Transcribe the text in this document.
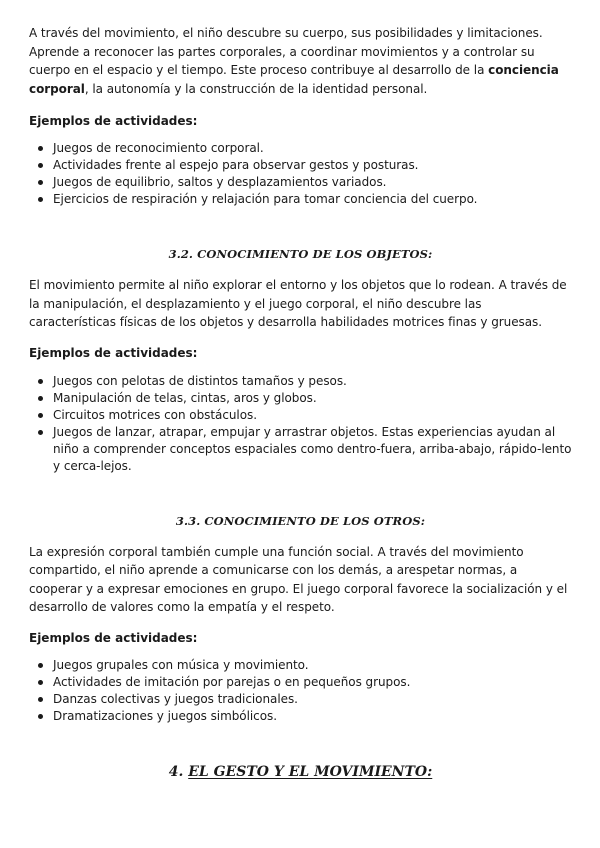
A través del movimiento, el niño descubre su cuerpo, sus posibilidades y limitaciones. Aprende a reconocer las partes corporales, a coordinar movimientos y a controlar su cuerpo en el espacio y el tiempo. Este proceso contribuye al desarrollo de la conciencia corporal, la autonomía y la construcción de la identidad personal.

Ejemplos de actividades:

Juegos de reconocimiento corporal.
Actividades frente al espejo para observar gestos y posturas.
Juegos de equilibrio, saltos y desplazamientos variados.
Ejercicios de respiración y relajación para tomar conciencia del cuerpo.
3.2. CONOCIMIENTO DE LOS OBJETOS:

El movimiento permite al niño explorar el entorno y los objetos que lo rodean. A través de la manipulación, el desplazamiento y el juego corporal, el niño descubre las características físicas de los objetos y desarrolla habilidades motrices finas y gruesas.

Ejemplos de actividades:

Juegos con pelotas de distintos tamaños y pesos.
Manipulación de telas, cintas, aros y globos.
Circuitos motrices con obstáculos.
Juegos de lanzar, atrapar, empujar y arrastrar objetos. Estas experiencias ayudan al niño a comprender conceptos espaciales como dentro-fuera, arriba-abajo, rápido-lento y cerca-lejos.
3.3. CONOCIMIENTO DE LOS OTROS:

La expresión corporal también cumple una función social. A través del movimiento compartido, el niño aprende a comunicarse con los demás, a arespetar normas, a cooperar y a expresar emociones en grupo. El juego corporal favorece la socialización y el desarrollo de valores como la empatía y el respeto.

Ejemplos de actividades:

Juegos grupales con música y movimiento.
Actividades de imitación por parejas o en pequeños grupos.
Danzas colectivas y juegos tradicionales.
Dramatizaciones y juegos simbólicos.
4. EL GESTO Y EL MOVIMIENTO:
